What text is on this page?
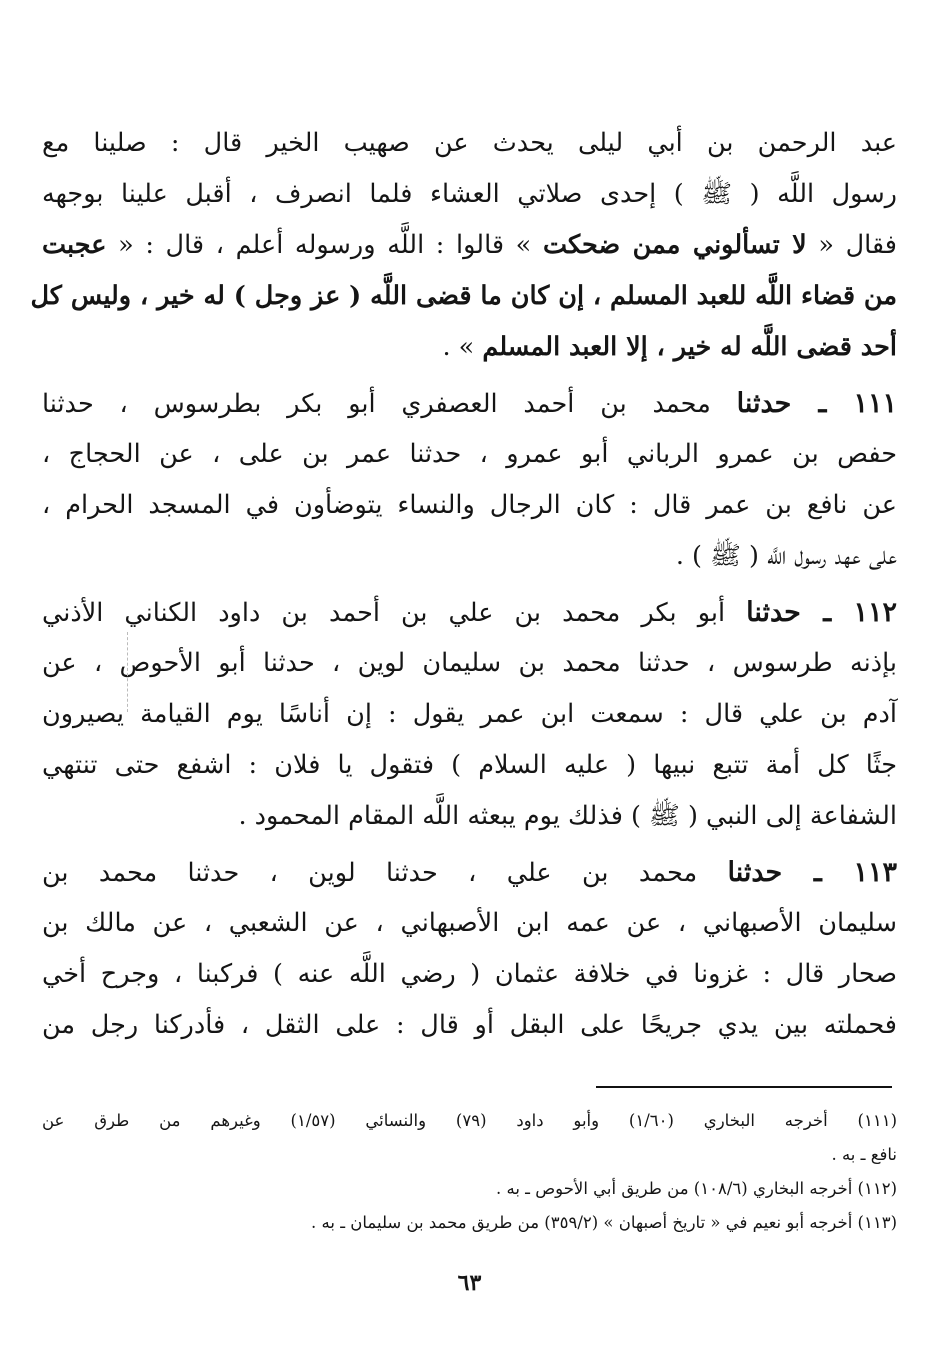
عبد الرحمن بن أبي ليلى يحدث عن صهيب الخير قال : صلينا مع
رسول اللَّه ( ﷺ ) إحدى صلاتي العشاء فلما انصرف ، أقبل علينا بوجهه
فقال « لا تسألوني ممن ضحكت » قالوا : اللَّه ورسوله أعلم ، قال : « عجبت
من قضاء اللَّه للعبد المسلم ، إن كان ما قضى اللَّه ( عز وجل ) له خير ، وليس كل
أحد قضى اللَّه له خير ، إلا العبد المسلم » .
١١١ ـ حدثنا محمد بن أحمد العصفري أبو بكر بطرسوس ، حدثنا
حفص بن عمرو الرباني أبو عمرو ، حدثنا عمر بن على ، عن الحجاج ،
عن نافع بن عمر قال : كان الرجال والنساء يتوضأون في المسجد الحرام ،
على عهد رسول اللَّه ( ﷺ ) .
١١٢ ـ حدثنا أبو بكر محمد بن علي بن أحمد بن داود الكناني الأذني
بإذنه طرسوس ، حدثنا محمد بن سليمان لوين ، حدثنا أبو الأحوص ، عن
آدم بن علي قال : سمعت ابن عمر يقول : إن أناسًا يوم القيامة يصيرون
جثًا كل أمة تتبع نبيها ( عليه السلام ) فتقول يا فلان : اشفع حتى تنتهي
الشفاعة إلى النبي ( ﷺ ) فذلك يوم يبعثه اللَّه المقام المحمود .
١١٣ ـ حدثنا محمد بن علي ، حدثنا لوين ، حدثنا محمد بن
سليمان الأصبهاني ، عن عمه ابن الأصبهاني ، عن الشعبي ، عن مالك بن
صحار قال : غزونا في خلافة عثمان ( رضي اللَّه عنه ) فركبنا ، وجرح أخي
فحملته بين يدي جريحًا على البقل أو قال : على الثقل ، فأدركنا رجل من
(١١١) أخرجه البخاري (١/٦٠) وأبو داود (٧٩) والنسائي (١/٥٧) وغيرهم من طرق عن
نافع ـ به .
(١١٢) أخرجه البخاري (١٠٨/٦) من طريق أبي الأحوص ـ به .
(١١٣) أخرجه أبو نعيم في « تاريخ أصبهان » (٣٥٩/٢) من طريق محمد بن سليمان ـ به .
٦٣
